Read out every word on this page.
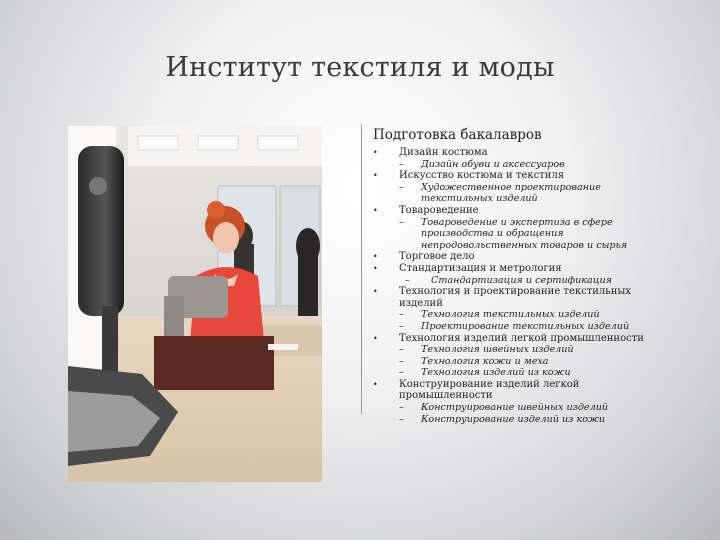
Институт текстиля и моды
Подготовка бакалавров
• Дизайн костюма
– Дизайн обуви и аксессуаров
• Искусство костюма и текстиля
– Художественное проектирование текстильных изделий
• Товароведение
– Товароведение и экспертиза в сфере производства и обращения непродовольственных товаров и сырья
• Торговое дело
• Стандартизация и метрология
– Стандартизация и сертификация
• Технология и проектирование текстильных изделий
– Технология текстильных изделий
– Проектирование текстильных изделий
• Технология изделий легкой промышленности
– Технология швейных изделий
– Технология кожи и меха
– Технология изделий из кожи
• Конструирование изделий легкой промышленности
– Конструирование швейных изделий
– Конструирование изделий из кожи
